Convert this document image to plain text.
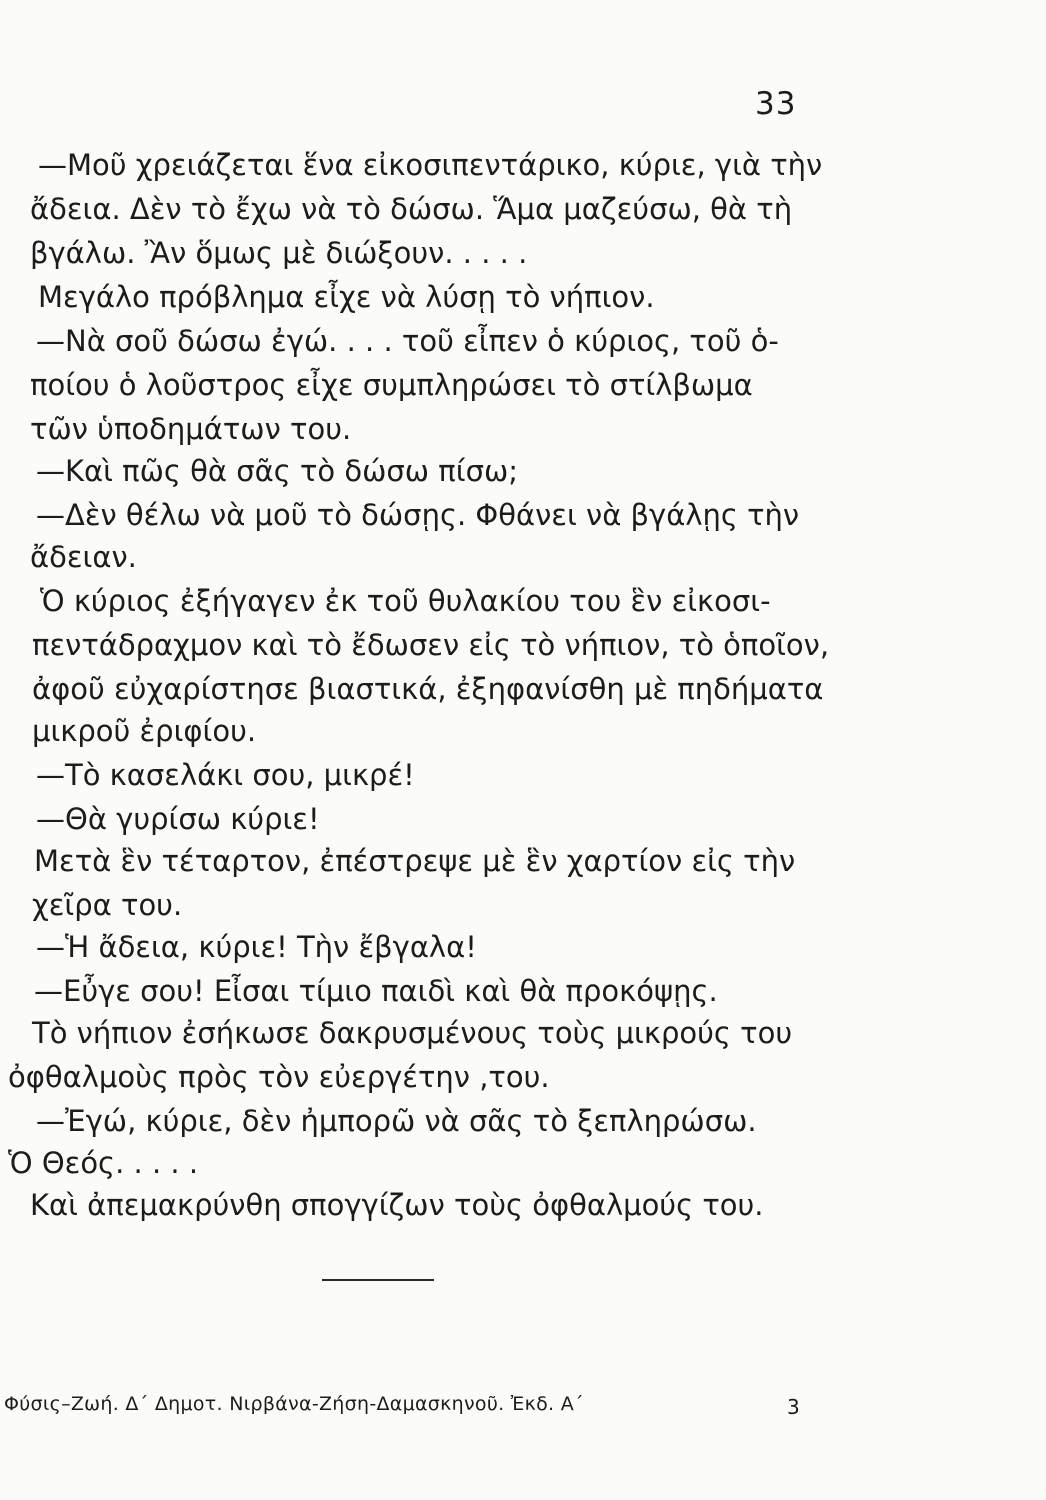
33
—Μοῦ χρειάζεται ἕνα εἰκοσιπεντάρικο, κύριε, γιὰ τὴν
ἄδεια. Δὲν τὸ ἔχω νὰ τὸ δώσω. Ἅμα μαζεύσω, θὰ τὴ
βγάλω. Ἂν ὅμως μὲ διώξουν. . . . .
Μεγάλο πρόβλημα εἶχε νὰ λύσῃ τὸ νήπιον.
—Νὰ σοῦ δώσω ἐγώ. . . . τοῦ εἶπεν ὁ κύριος, τοῦ ὁ-
ποίου ὁ λοῦστρος εἶχε συμπληρώσει τὸ στίλβωμα
τῶν ὑποδημάτων του.
—Καὶ πῶς θὰ σᾶς τὸ δώσω πίσω;
—Δὲν θέλω νὰ μοῦ τὸ δώσῃς. Φθάνει νὰ βγάλῃς τὴν
ἄδειαν.
Ὁ κύριος ἐξήγαγεν ἐκ τοῦ θυλακίου του ἓν εἰκοσι-
πεντάδραχμον καὶ τὸ ἔδωσεν εἰς τὸ νήπιον, τὸ ὁποῖον,
ἀφοῦ εὐχαρίστησε βιαστικά, ἐξηφανίσθη μὲ πηδήματα
μικροῦ ἐριφίου.
—Τὸ κασελάκι σου, μικρέ!
—Θὰ γυρίσω κύριε!
Μετὰ ἓν τέταρτον, ἐπέστρεψε μὲ ἓν χαρτίον εἰς τὴν
χεῖρα του.
—Ἡ ἄδεια, κύριε! Τὴν ἔβγαλα!
—Εὖγε σου! Εἶσαι τίμιο παιδὶ καὶ θὰ προκόψῃς.
Τὸ νήπιον ἐσήκωσε δακρυσμένους τοὺς μικρούς του
ὀφθαλμοὺς πρὸς τὸν εὐεργέτην ,του.
—Ἐγώ, κύριε, δὲν ἠμπορῶ νὰ σᾶς τὸ ξεπληρώσω.
Ὁ Θεός. . . . .
Καὶ ἀπεμακρύνθη σπογγίζων τοὺς ὀφθαλμούς του.
Φύσις–Ζωή. Δ΄ Δημοτ. Νιρβάνα-Ζήση-Δαμασκηνοῦ. Ἐκδ. Α΄	3
